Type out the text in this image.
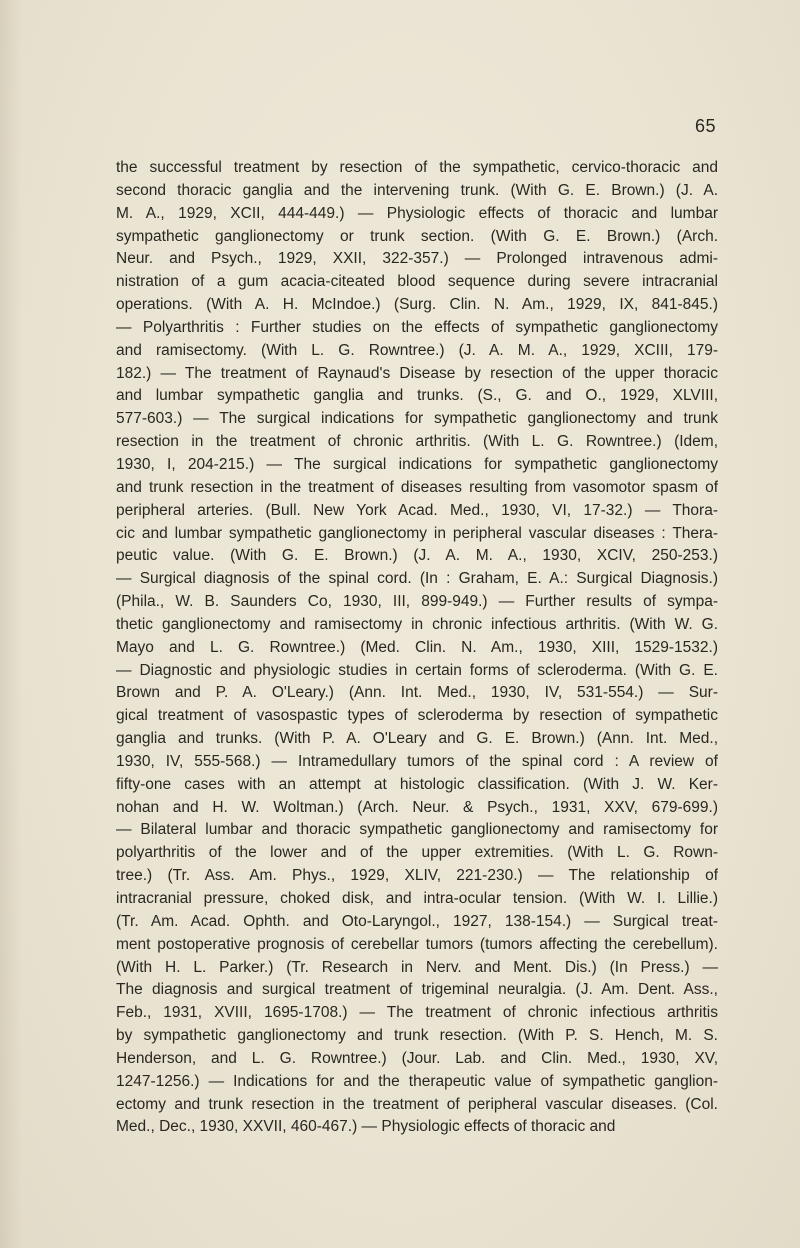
65
the successful treatment by resection of the sympathetic, cervico-thoracic and
second thoracic ganglia and the intervening trunk. (With G. E. Brown.) (J. A.
M. A., 1929, XCII, 444-449.) — Physiologic effects of thoracic and lumbar
sympathetic ganglionectomy or trunk section. (With G. E. Brown.) (Arch.
Neur. and Psych., 1929, XXII, 322-357.) — Prolonged intravenous admi-
nistration of a gum acacia-citeated blood sequence during severe intracranial
operations. (With A. H. McIndoe.) (Surg. Clin. N. Am., 1929, IX, 841-845.)
— Polyarthritis : Further studies on the effects of sympathetic ganglionectomy
and ramisectomy. (With L. G. Rowntree.) (J. A. M. A., 1929, XCIII, 179-
182.) — The treatment of Raynaud's Disease by resection of the upper thoracic
and lumbar sympathetic ganglia and trunks. (S., G. and O., 1929, XLVIII,
577-603.) — The surgical indications for sympathetic ganglionectomy and trunk
resection in the treatment of chronic arthritis. (With L. G. Rowntree.) (Idem,
1930, I, 204-215.) — The surgical indications for sympathetic ganglionectomy
and trunk resection in the treatment of diseases resulting from vasomotor spasm of
peripheral arteries. (Bull. New York Acad. Med., 1930, VI, 17-32.) — Thora-
cic and lumbar sympathetic ganglionectomy in peripheral vascular diseases : Thera-
peutic value. (With G. E. Brown.) (J. A. M. A., 1930, XCIV, 250-253.)
— Surgical diagnosis of the spinal cord. (In : Graham, E. A.: Surgical Diagnosis.)
(Phila., W. B. Saunders Co, 1930, III, 899-949.) — Further results of sympa-
thetic ganglionectomy and ramisectomy in chronic infectious arthritis. (With W. G.
Mayo and L. G. Rowntree.) (Med. Clin. N. Am., 1930, XIII, 1529-1532.)
— Diagnostic and physiologic studies in certain forms of scleroderma. (With G. E.
Brown and P. A. O'Leary.) (Ann. Int. Med., 1930, IV, 531-554.) — Sur-
gical treatment of vasospastic types of scleroderma by resection of sympathetic
ganglia and trunks. (With P. A. O'Leary and G. E. Brown.) (Ann. Int. Med.,
1930, IV, 555-568.) — Intramedullary tumors of the spinal cord : A review of
fifty-one cases with an attempt at histologic classification. (With J. W. Ker-
nohan and H. W. Woltman.) (Arch. Neur. & Psych., 1931, XXV, 679-699.)
— Bilateral lumbar and thoracic sympathetic ganglionectomy and ramisectomy for
polyarthritis of the lower and of the upper extremities. (With L. G. Rown-
tree.) (Tr. Ass. Am. Phys., 1929, XLIV, 221-230.) — The relationship of
intracranial pressure, choked disk, and intra-ocular tension. (With W. I. Lillie.)
(Tr. Am. Acad. Ophth. and Oto-Laryngol., 1927, 138-154.) — Surgical treat-
ment postoperative prognosis of cerebellar tumors (tumors affecting the cerebellum).
(With H. L. Parker.) (Tr. Research in Nerv. and Ment. Dis.) (In Press.) —
The diagnosis and surgical treatment of trigeminal neuralgia. (J. Am. Dent. Ass.,
Feb., 1931, XVIII, 1695-1708.) — The treatment of chronic infectious arthritis
by sympathetic ganglionectomy and trunk resection. (With P. S. Hench, M. S.
Henderson, and L. G. Rowntree.) (Jour. Lab. and Clin. Med., 1930, XV,
1247-1256.) — Indications for and the therapeutic value of sympathetic ganglion-
ectomy and trunk resection in the treatment of peripheral vascular diseases. (Col.
Med., Dec., 1930, XXVII, 460-467.) — Physiologic effects of thoracic and
